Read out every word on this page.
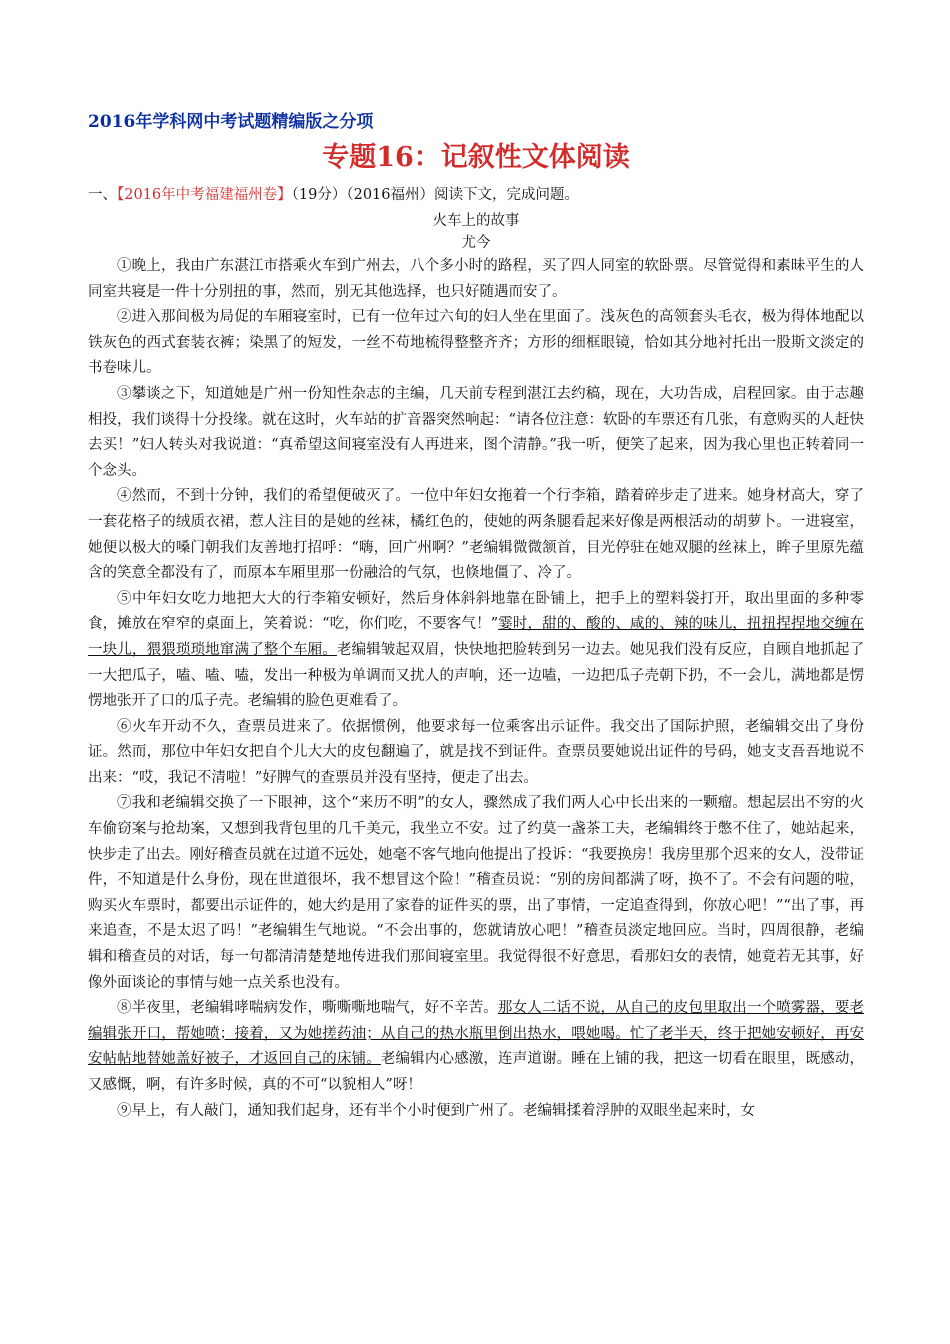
2016年学科网中考试题精编版之分项

专题16：记叙性文体阅读

一、【2016年中考福建福州卷】（19分）（2016福州）阅读下文，完成问题。

火车上的故事

尤今

①晚上，我由广东湛江市搭乘火车到广州去，八个多小时的路程，买了四人同室的软卧票。尽管觉得和素昧平生的人同室共寝是一件十分别扭的事，然而，别无其他选择，也只好随遇而安了。

②进入那间极为局促的车厢寝室时，已有一位年过六旬的妇人坐在里面了。浅灰色的高领套头毛衣，极为得体地配以铁灰色的西式套装衣裤；染黑了的短发，一丝不苟地梳得整整齐齐；方形的细框眼镜，恰如其分地衬托出一股斯文淡定的书卷味儿。

③攀谈之下，知道她是广州一份知性杂志的主编，几天前专程到湛江去约稿，现在，大功告成，启程回家。由于志趣相投，我们谈得十分投缘。就在这时，火车站的扩音器突然响起：“请各位注意：软卧的车票还有几张，有意购买的人赶快去买！”妇人转头对我说道：“真希望这间寝室没有人再进来，图个清静。”我一听，便笑了起来，因为我心里也正转着同一个念头。

④然而，不到十分钟，我们的希望便破灭了。一位中年妇女拖着一个行李箱，踏着碎步走了进来。她身材高大，穿了一套花格子的绒质衣裙，惹人注目的是她的丝袜，橘红色的，使她的两条腿看起来好像是两根活动的胡萝卜。一进寝室，她便以极大的嗓门朝我们友善地打招呼：“嗨，回广州啊？”老编辑微微颔首，目光停驻在她双腿的丝袜上，眸子里原先蕴含的笑意全都没有了，而原本车厢里那一份融洽的气氛，也倏地僵了、冷了。

⑤中年妇女吃力地把大大的行李箱安顿好，然后身体斜斜地靠在卧铺上，把手上的塑料袋打开，取出里面的多种零食，摊放在窄窄的桌面上，笑着说：“吃，你们吃，不要客气！”霎时，甜的、酸的、咸的、辣的味儿，扭扭捏捏地交缠在一块儿，猥猥琐琐地窜满了整个车厢。老编辑皱起双眉，快快地把脸转到另一边去。她见我们没有反应，自顾自地抓起了一大把瓜子，嗑、嗑、嗑，发出一种极为单调而又扰人的声响，还一边嗑，一边把瓜子壳朝下扔，不一会儿，满地都是愣愣地张开了口的瓜子壳。老编辑的脸色更难看了。

⑥火车开动不久，查票员进来了。依据惯例，他要求每一位乘客出示证件。我交出了国际护照，老编辑交出了身份证。然而，那位中年妇女把自个儿大大的皮包翻遍了，就是找不到证件。查票员要她说出证件的号码，她支支吾吾地说不出来：“哎，我记不清啦！”好脾气的查票员并没有坚持，便走了出去。

⑦我和老编辑交换了一下眼神，这个“来历不明”的女人，骤然成了我们两人心中长出来的一颗瘤。想起层出不穷的火车偷窃案与抢劫案，又想到我背包里的几千美元，我坐立不安。过了约莫一盏茶工夫，老编辑终于憋不住了，她站起来，快步走了出去。刚好稽查员就在过道不远处，她毫不客气地向他提出了投诉：“我要换房！我房里那个迟来的女人，没带证件，不知道是什么身份，现在世道很坏，我不想冒这个险！”稽查员说：“别的房间都满了呀，换不了。不会有问题的啦，购买火车票时，都要出示证件的，她大约是用了家眷的证件买的票，出了事情，一定追查得到，你放心吧！”“出了事，再来追查，不是太迟了吗！”老编辑生气地说。“不会出事的，您就请放心吧！”稽查员淡定地回应。当时，四周很静，老编辑和稽查员的对话，每一句都清清楚楚地传进我们那间寝室里。我觉得很不好意思，看那妇女的表情，她竟若无其事，好像外面谈论的事情与她一点关系也没有。

⑧半夜里，老编辑哮喘病发作，嘶嘶嘶地喘气，好不辛苦。那女人二话不说，从自己的皮包里取出一个喷雾器，要老编辑张开口，帮她喷；接着，又为她搓药油；从自己的热水瓶里倒出热水，喂她喝。忙了老半天，终于把她安顿好，再安安帖帖地替她盖好被子，才返回自己的床铺。老编辑内心感激，连声道谢。睡在上铺的我，把这一切看在眼里，既感动，又感慨，啊，有许多时候，真的不可“以貌相人”呀！

⑨早上，有人敲门，通知我们起身，还有半个小时便到广州了。老编辑揉着浮肿的双眼坐起来时，女
